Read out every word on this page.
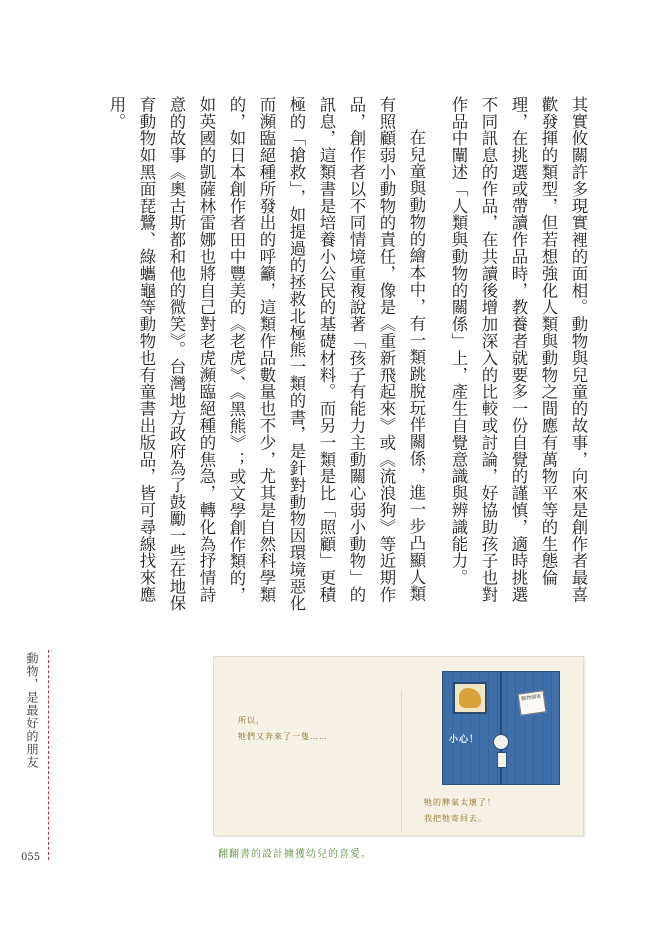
其實攸關許多現實裡的面相。動物與兒童的故事，向來是創作者最喜歡發揮的類型，但若想強化人類與動物之間應有萬物平等的生態倫理，在挑選或帶讀作品時，教養者就要多一份自覺的謹慎，適時挑選不同訊息的作品，在共讀後增加深入的比較或討論，好協助孩子也對作品中闡述「人類與動物的關係」上，產生自覺意識與辨識能力。

在兒童與動物的繪本中，有一類跳脫玩伴關係，進一步凸顯人類有照顧弱小動物的責任，像是《重新飛起來》或《流浪狗》等近期作品，創作者以不同情境重複說著「孩子有能力主動關心弱小動物」的訊息，這類書是培養小公民的基礎材料。而另一類是比「照顧」更積極的「搶救」，如提過的拯救北極熊一類的書，是針對動物因環境惡化而瀕臨絕種所發出的呼籲，這類作品數量也不少，尤其是自然科學類的，如日本創作者田中豐美的《老虎》、《黑熊》；或文學創作類的，如英國的凱薩林雷娜也將自己對老虎瀕臨絕種的焦急，轉化為抒情詩意的故事《奧古斯都和他的微笑》。台灣地方政府為了鼓勵一些在地保育動物如黑面琵鷺、綠蠵龜等動物也有童書出版品，皆可尋線找來應用。

動物，是最好的朋友
055
所以，
牠們又奔來了一隻……
動物園寄
小心！
牠的脾氣太壞了！
我把牠寄回去。
翻翻書的設計擄獲幼兒的喜愛。
